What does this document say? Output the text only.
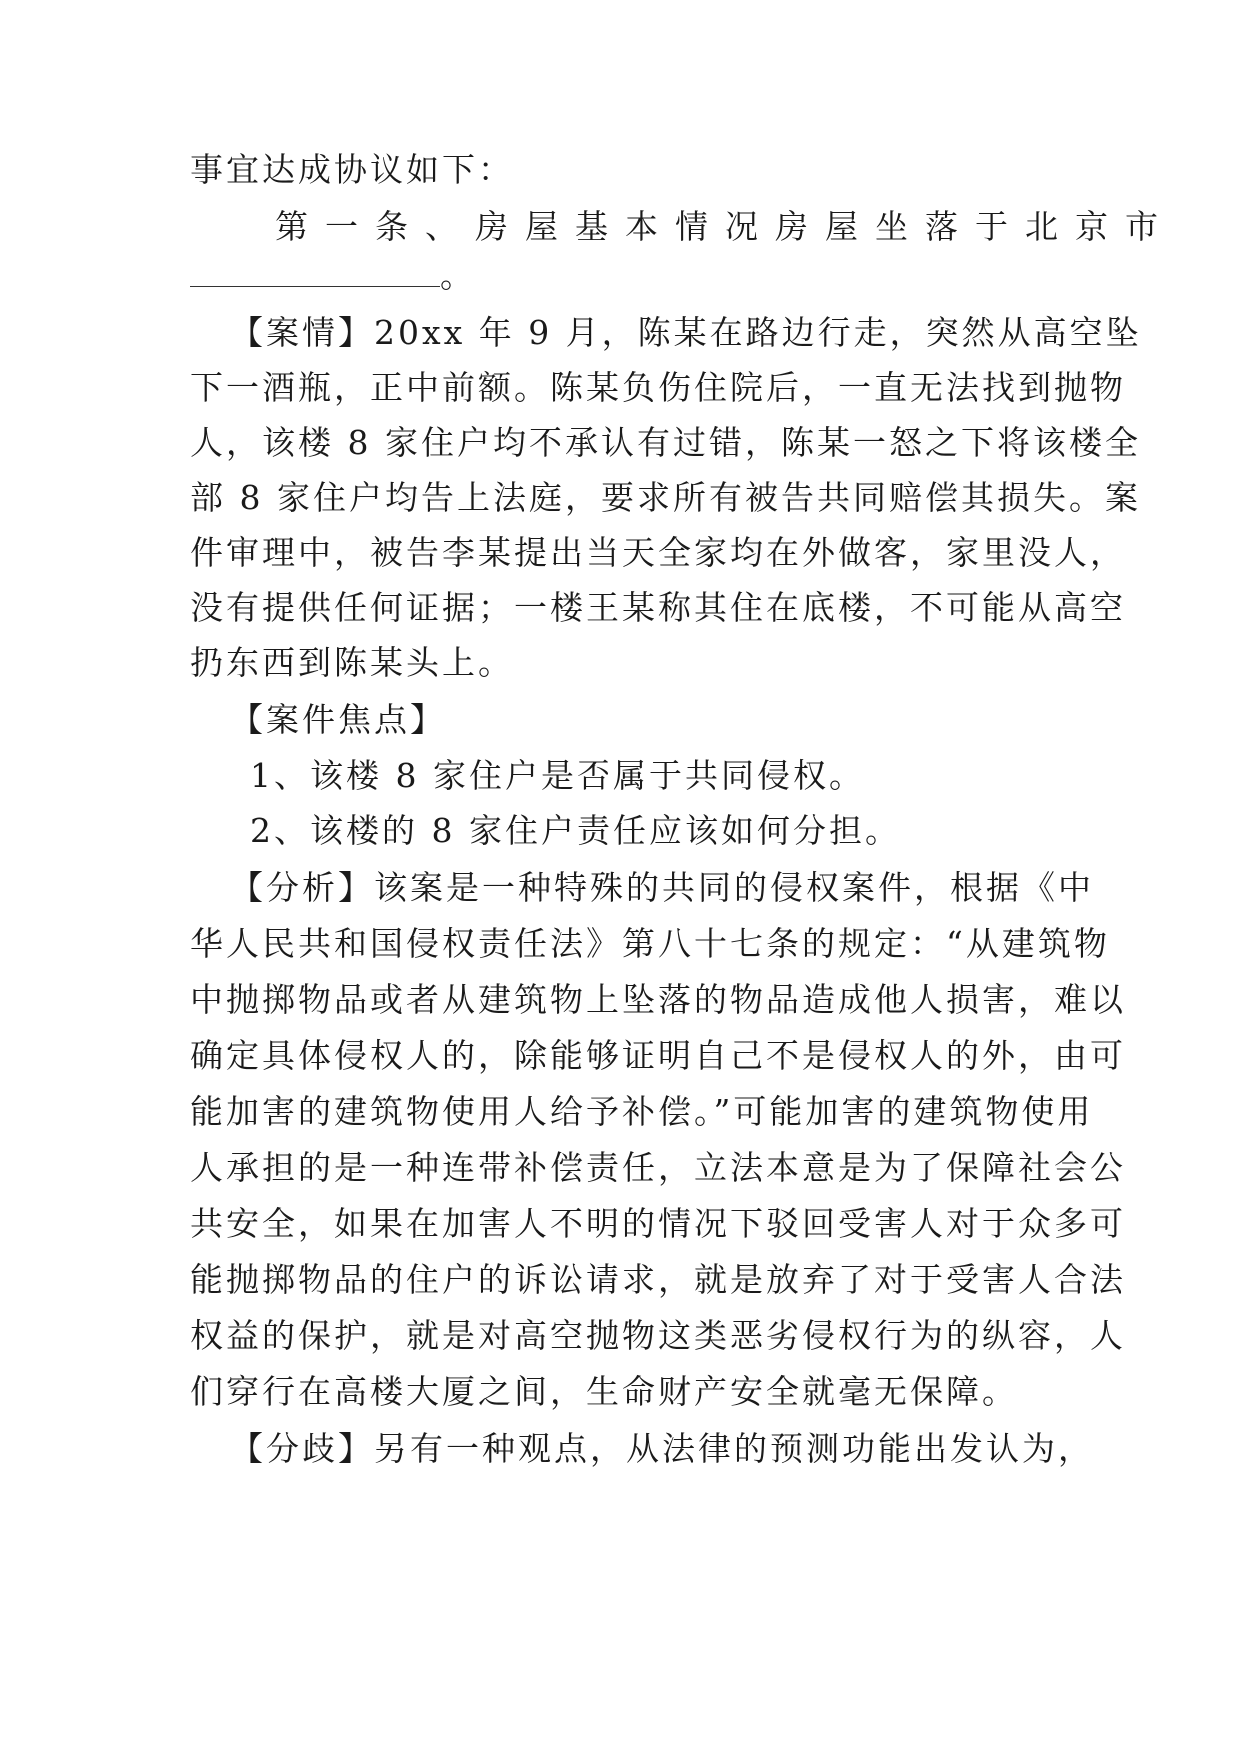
事宜达成协议如下：
第一条、房屋基本情况房屋坐落于北京市
。
【案情】20xx 年 9 月，陈某在路边行走，突然从高空坠
下一酒瓶，正中前额。陈某负伤住院后，一直无法找到抛物
人，该楼 8 家住户均不承认有过错，陈某一怒之下将该楼全
部 8 家住户均告上法庭，要求所有被告共同赔偿其损失。案
件审理中，被告李某提出当天全家均在外做客，家里没人，
没有提供任何证据；一楼王某称其住在底楼，不可能从高空
扔东西到陈某头上。
【案件焦点】
1、该楼 8 家住户是否属于共同侵权。
2、该楼的 8 家住户责任应该如何分担。
【分析】该案是一种特殊的共同的侵权案件，根据《中
华人民共和国侵权责任法》第八十七条的规定：“从建筑物
中抛掷物品或者从建筑物上坠落的物品造成他人损害，难以
确定具体侵权人的，除能够证明自己不是侵权人的外，由可
能加害的建筑物使用人给予补偿。”可能加害的建筑物使用
人承担的是一种连带补偿责任，立法本意是为了保障社会公
共安全，如果在加害人不明的情况下驳回受害人对于众多可
能抛掷物品的住户的诉讼请求，就是放弃了对于受害人合法
权益的保护，就是对高空抛物这类恶劣侵权行为的纵容，人
们穿行在高楼大厦之间，生命财产安全就毫无保障。
【分歧】另有一种观点，从法律的预测功能出发认为，
